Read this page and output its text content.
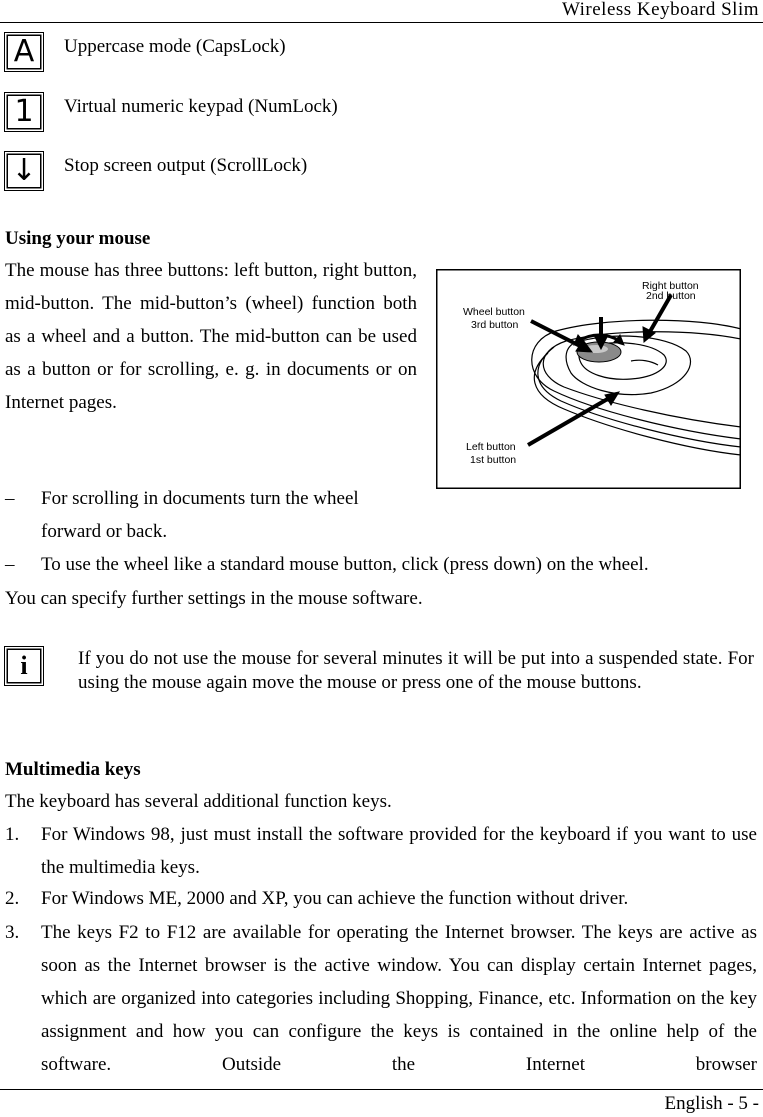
Wireless Keyboard Slim
A	Uppercase mode (CapsLock)
1	Virtual numeric keypad (NumLock)
↓	Stop screen output (ScrollLock)
Using your mouse
The mouse has three buttons: left button, right button, mid-button. The mid-button’s (wheel) function both as a wheel and a button. The mid-button can be used as a button or for scrolling, e. g. in documents or on Internet pages.
Right button
2nd button
Wheel button
3rd button
Left button
1st button
– For scrolling in documents turn the wheel
forward or back.
– To use the wheel like a standard mouse button, click (press down) on the wheel.
You can specify further settings in the mouse software.
i	If you do not use the mouse for several minutes it will be put into a suspended state. For using the mouse again move the mouse or press one of the mouse buttons.
Multimedia keys
The keyboard has several additional function keys.
1. For Windows 98, just must install the software provided for the keyboard if you want to use the multimedia keys.
2. For Windows ME, 2000 and XP, you can achieve the function without driver.
3. The keys F2 to F12 are available for operating the Internet browser. The keys are active as soon as the Internet browser is the active window. You can display certain Internet pages, which are organized into categories including Shopping, Finance, etc. Information on the key assignment and how you can configure the keys is contained in the online help of the software. Outside the Internet browser
English - 5 -
